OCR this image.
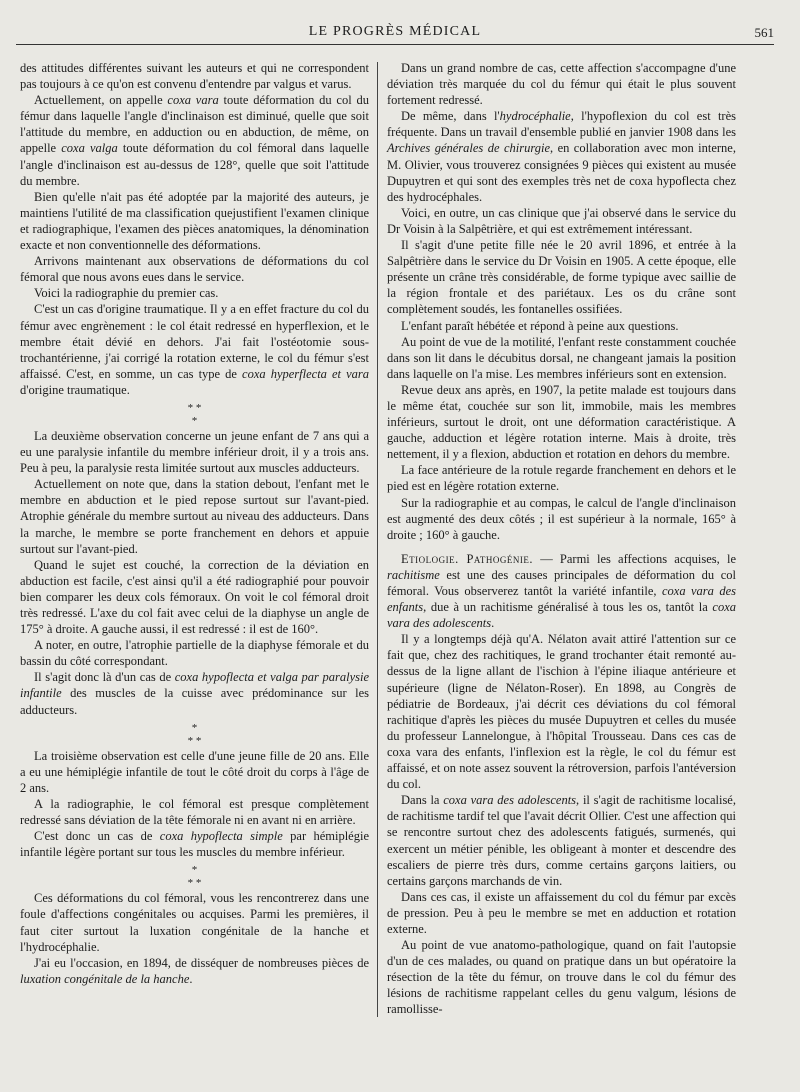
LE PROGRÈS MÉDICAL	561

des attitudes différentes suivant les auteurs et qui ne correspondent pas toujours à ce qu'on est convenu d'entendre par valgus et varus.

Actuellement, on appelle coxa vara toute déformation du col du fémur dans laquelle l'angle d'inclinaison est diminué, quelle que soit l'attitude du membre, en adduction ou en abduction, de même, on appelle coxa valga toute déformation du col fémoral dans laquelle l'angle d'inclinaison est au-dessus de 128°, quelle que soit l'attitude du membre.

Bien qu'elle n'ait pas été adoptée par la majorité des auteurs, je maintiens l'utilité de ma classification quejustifient l'examen clinique et radiographique, l'examen des pièces anatomiques, la dénomination exacte et non conventionnelle des déformations.

Arrivons maintenant aux observations de déformations du col fémoral que nous avons eues dans le service.

Voici la radiographie du premier cas.

C'est un cas d'origine traumatique. Il y a en effet fracture du col du fémur avec engrènement : le col était redressé en hyperflexion, et le membre était dévié en dehors. J'ai fait l'ostéotomie sous-trochantérienne, j'ai corrigé la rotation externe, le col du fémur s'est affaissé. C'est, en somme, un cas type de coxa hyperflecta et vara d'origine traumatique.

* *
*

La deuxième observation concerne un jeune enfant de 7 ans qui a eu une paralysie infantile du membre inférieur droit, il y a trois ans. Peu à peu, la paralysie resta limitée surtout aux muscles adducteurs.

Actuellement on note que, dans la station debout, l'enfant met le membre en abduction et le pied repose surtout sur l'avant-pied. Atrophie générale du membre surtout au niveau des adducteurs. Dans la marche, le membre se porte franchement en dehors et appuie surtout sur l'avant-pied.

Quand le sujet est couché, la correction de la déviation en abduction est facile, c'est ainsi qu'il a été radiographié pour pouvoir bien comparer les deux cols fémoraux. On voit le col fémoral droit très redressé. L'axe du col fait avec celui de la diaphyse un angle de 175° à droite. A gauche aussi, il est redressé : il est de 160°.

A noter, en outre, l'atrophie partielle de la diaphyse fémorale et du bassin du côté correspondant.

Il s'agit donc là d'un cas de coxa hypoflecta et valga par paralysie infantile des muscles de la cuisse avec prédominance sur les adducteurs.

*
* *

La troisième observation est celle d'une jeune fille de 20 ans. Elle a eu une hémiplégie infantile de tout le côté droit du corps à l'âge de 2 ans.

A la radiographie, le col fémoral est presque complètement redressé sans déviation de la tête fémorale ni en avant ni en arrière.

C'est donc un cas de coxa hypoflecta simple par hémiplégie infantile légère portant sur tous les muscles du membre inférieur.

*
* *

Ces déformations du col fémoral, vous les rencontrerez dans une foule d'affections congénitales ou acquises. Parmi les premières, il faut citer surtout la luxation congénitale de la hanche et l'hydrocéphalie.

J'ai eu l'occasion, en 1894, de disséquer de nombreuses pièces de luxation congénitale de la hanche.

Dans un grand nombre de cas, cette affection s'accompagne d'une déviation très marquée du col du fémur qui était le plus souvent fortement redressé.

De même, dans l'hydrocéphalie, l'hypoflexion du col est très fréquente. Dans un travail d'ensemble publié en janvier 1908 dans les Archives générales de chirurgie, en collaboration avec mon interne, M. Olivier, vous trouverez consignées 9 pièces qui existent au musée Dupuytren et qui sont des exemples très net de coxa hypoflecta chez des hydrocéphales.

Voici, en outre, un cas clinique que j'ai observé dans le service du Dr Voisin à la Salpêtrière, et qui est extrêmement intéressant.

Il s'agit d'une petite fille née le 20 avril 1896, et entrée à la Salpêtrière dans le service du Dr Voisin en 1905. A cette époque, elle présente un crâne très considérable, de forme typique avec saillie de la région frontale et des pariétaux. Les os du crâne sont complètement soudés, les fontanelles ossifiées.

L'enfant paraît hébétée et répond à peine aux questions.

Au point de vue de la motilité, l'enfant reste constamment couchée dans son lit dans le décubitus dorsal, ne changeant jamais la position dans laquelle on l'a mise. Les membres inférieurs sont en extension.

Revue deux ans après, en 1907, la petite malade est toujours dans le même état, couchée sur son lit, immobile, mais les membres inférieurs, surtout le droit, ont une déformation caractéristique. A gauche, adduction et légère rotation interne. Mais à droite, très nettement, il y a flexion, abduction et rotation en dehors du membre.

La face antérieure de la rotule regarde franchement en dehors et le pied est en légère rotation externe.

Sur la radiographie et au compas, le calcul de l'angle d'inclinaison est augmenté des deux côtés ; il est supérieur à la normale, 165° à droite ; 160° à gauche.

Etiologie. Pathogénie. — Parmi les affections acquises, le rachitisme est une des causes principales de déformation du col fémoral. Vous observerez tantôt la variété infantile, coxa vara des enfants, due à un rachitisme généralisé à tous les os, tantôt la coxa vara des adolescents.

Il y a longtemps déjà qu'A. Nélaton avait attiré l'attention sur ce fait que, chez des rachitiques, le grand trochanter était remonté au-dessus de la ligne allant de l'ischion à l'épine iliaque antérieure et supérieure (ligne de Nélaton-Roser). En 1898, au Congrès de pédiatrie de Bordeaux, j'ai décrit ces déviations du col fémoral rachitique d'après les pièces du musée Dupuytren et celles du musée du professeur Lannelongue, à l'hôpital Trousseau. Dans ces cas de coxa vara des enfants, l'inflexion est la règle, le col du fémur est affaissé, et on note assez souvent la rétroversion, parfois l'antéversion du col.

Dans la coxa vara des adolescents, il s'agit de rachitisme localisé, de rachitisme tardif tel que l'avait décrit Ollier. C'est une affection qui se rencontre surtout chez des adolescents fatigués, surmenés, qui exercent un métier pénible, les obligeant à monter et descendre des escaliers de pierre très durs, comme certains garçons laitiers, ou certains garçons marchands de vin.

Dans ces cas, il existe un affaissement du col du fémur par excès de pression. Peu à peu le membre se met en adduction et rotation externe.

Au point de vue anatomo-pathologique, quand on fait l'autopsie d'un de ces malades, ou quand on pratique dans un but opératoire la résection de la tête du fémur, on trouve dans le col du fémur des lésions de rachitisme rappelant celles du genu valgum, lésions de ramollisse-
